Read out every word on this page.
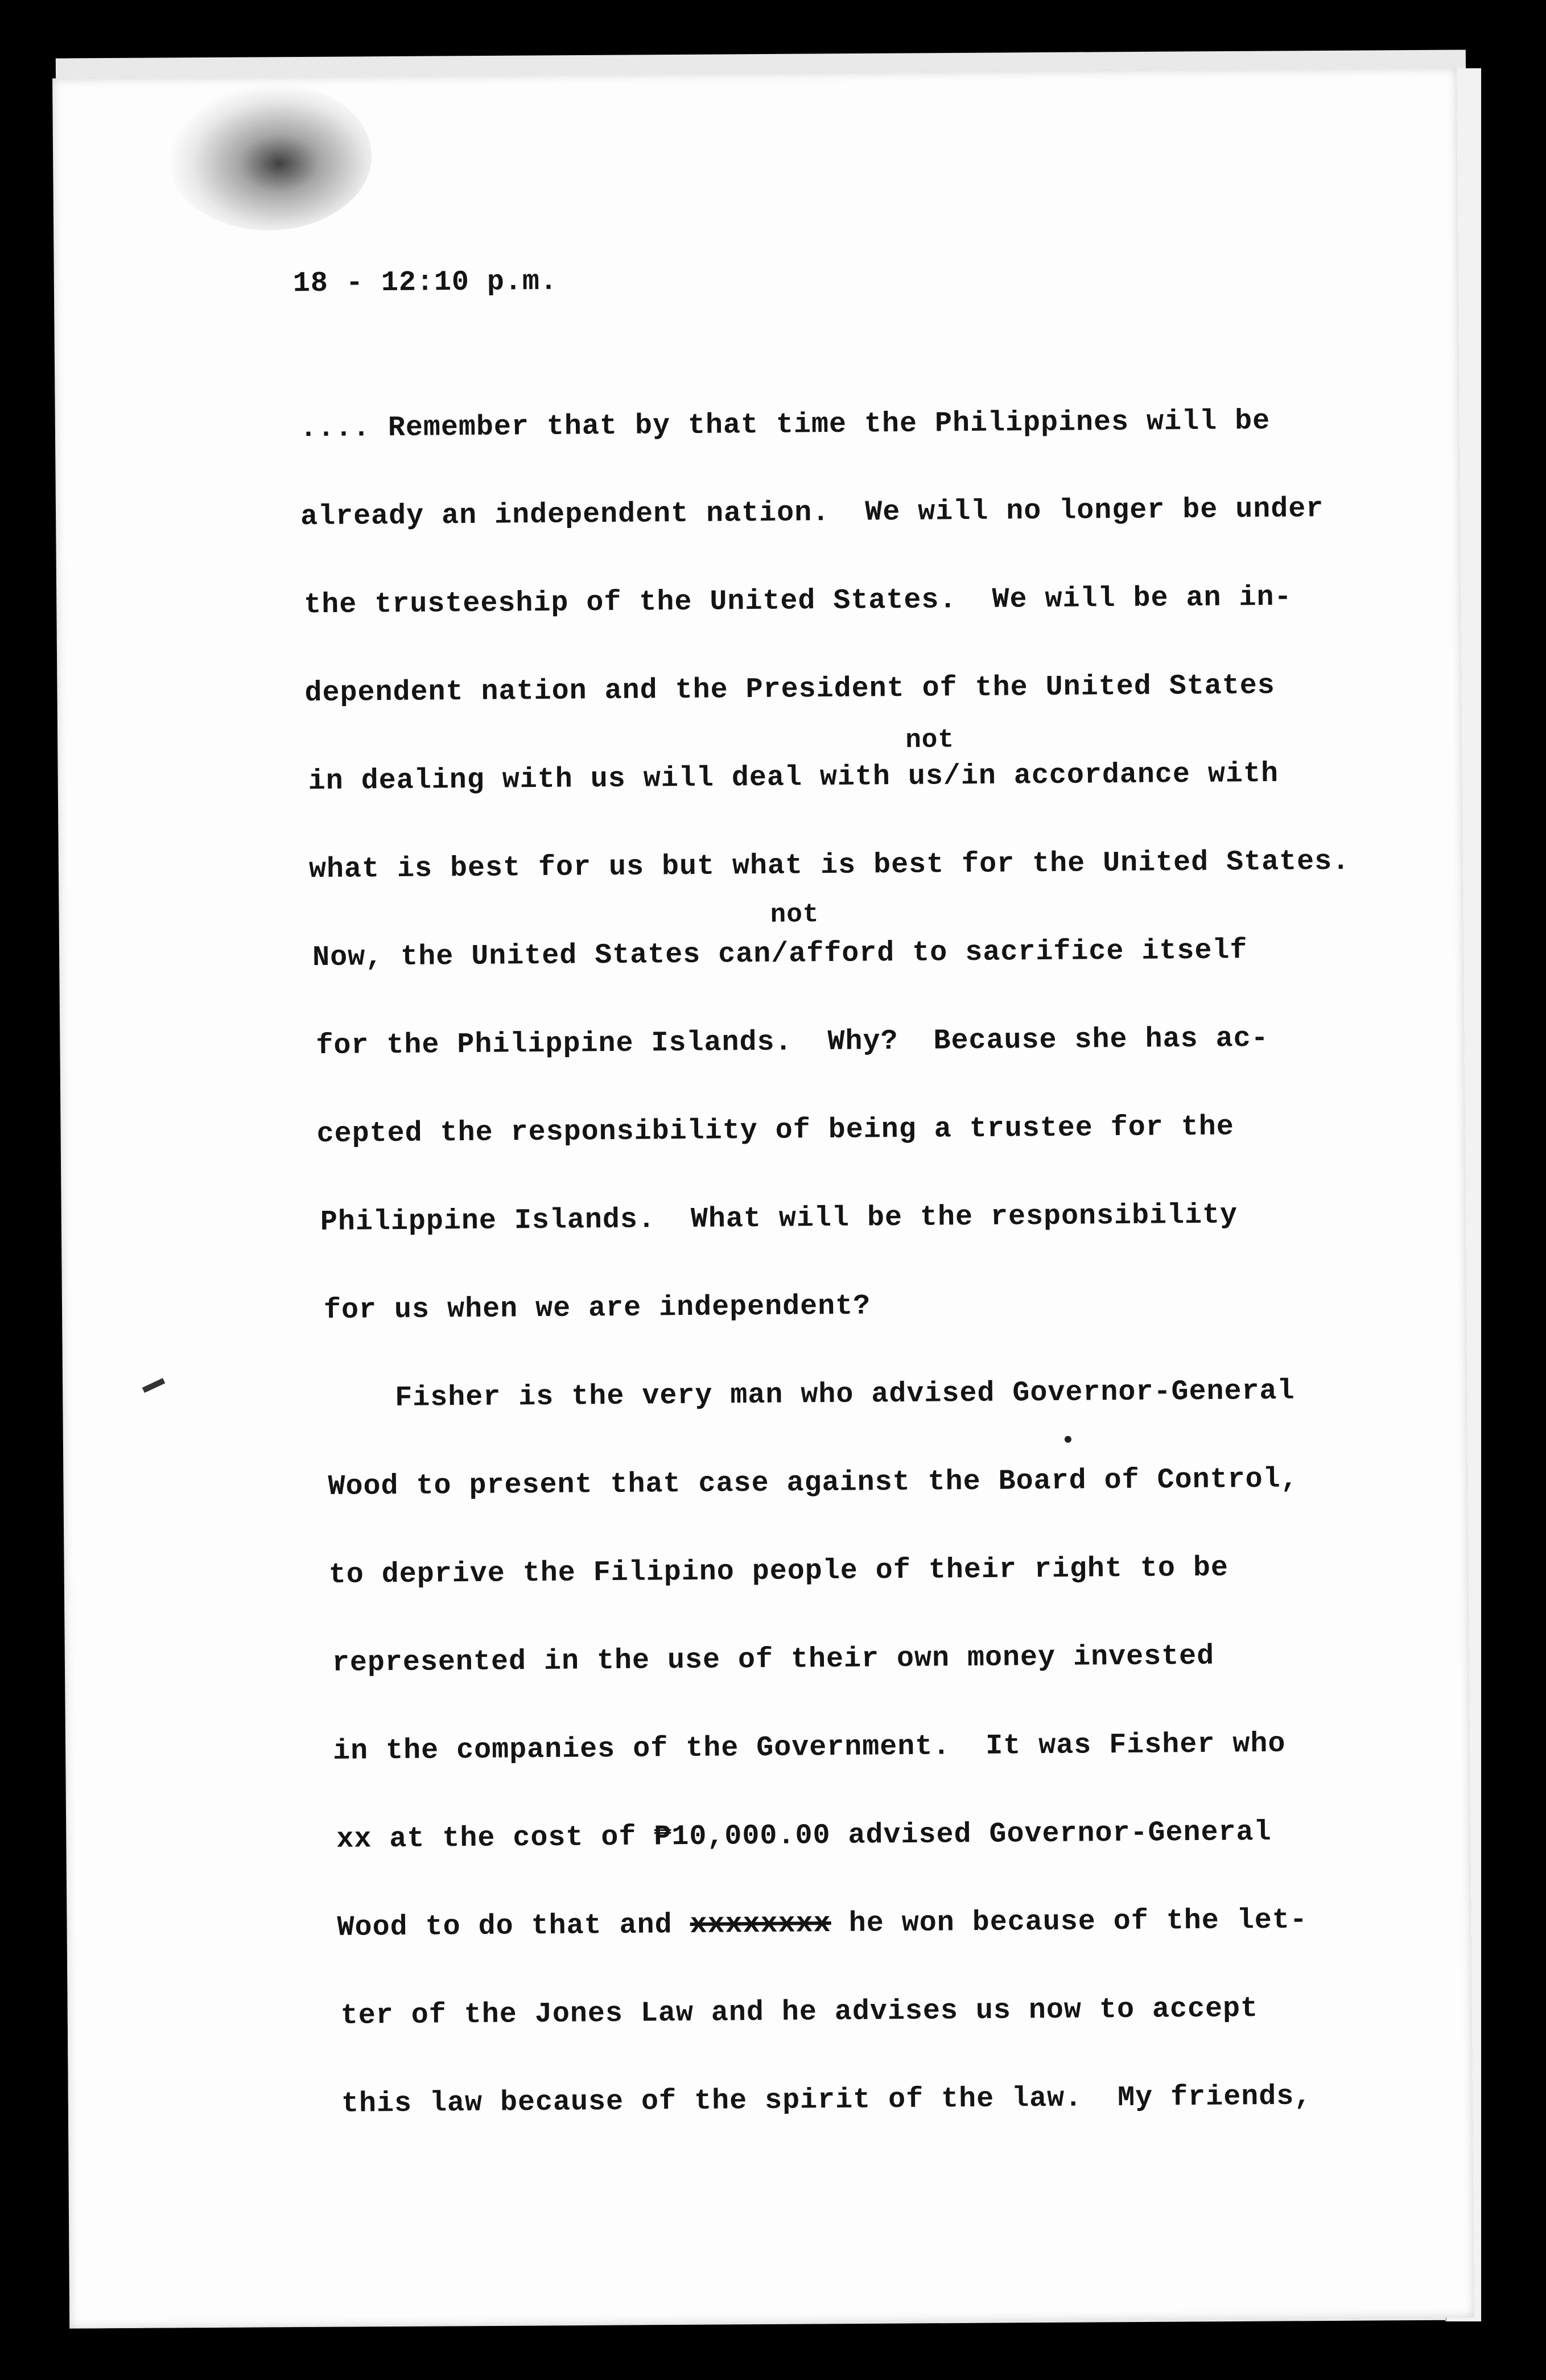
18 - 12:10 p.m.

.... Remember that by that time the Philippines will be

already an independent nation.  We will no longer be under

the trusteeship of the United States.  We will be an in-

dependent nation and the President of the United States

not

in dealing with us will deal with us/in accordance with

what is best for us but what is best for the United States.

not

Now, the United States can/afford to sacrifice itself

for the Philippine Islands.  Why?  Because she has ac-

cepted the responsibility of being a trustee for the

Philippine Islands.  What will be the responsibility

for us when we are independent?

Fisher is the very man who advised Governor-General

Wood to present that case against the Board of Control,

to deprive the Filipino people of their right to be

represented in the use of their own money invested

in the companies of the Government.  It was Fisher who

xx at the cost of ₱10,000.00 advised Governor-General

Wood to do that and xxxxxxxx he won because of the let-

ter of the Jones Law and he advises us now to accept

this law because of the spirit of the law.  My friends,
